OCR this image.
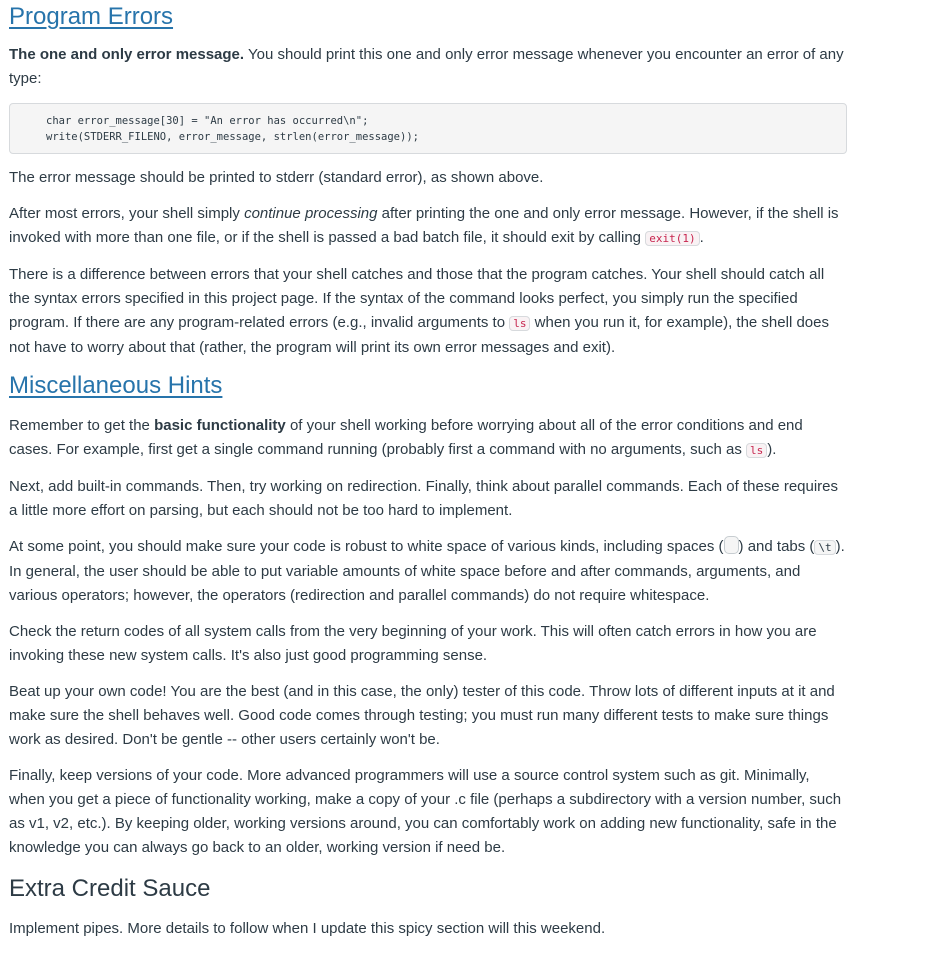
Program Errors

The one and only error message. You should print this one and only error message whenever you encounter an error of any type:

char error_message[30] = "An error has occurred\n";
write(STDERR_FILENO, error_message, strlen(error_message));

The error message should be printed to stderr (standard error), as shown above.

After most errors, your shell simply continue processing after printing the one and only error message. However, if the shell is invoked with more than one file, or if the shell is passed a bad batch file, it should exit by calling exit(1) .

There is a difference between errors that your shell catches and those that the program catches. Your shell should catch all the syntax errors specified in this project page. If the syntax of the command looks perfect, you simply run the specified program. If there are any program-related errors (e.g., invalid arguments to ls when you run it, for example), the shell does not have to worry about that (rather, the program will print its own error messages and exit).

Miscellaneous Hints

Remember to get the basic functionality of your shell working before worrying about all of the error conditions and end cases. For example, first get a single command running (probably first a command with no arguments, such as ls ).

Next, add built-in commands. Then, try working on redirection. Finally, think about parallel commands. Each of these requires a little more effort on parsing, but each should not be too hard to implement.

At some point, you should make sure your code is robust to white space of various kinds, including spaces ( ) and tabs ( \t ). In general, the user should be able to put variable amounts of white space before and after commands, arguments, and various operators; however, the operators (redirection and parallel commands) do not require whitespace.

Check the return codes of all system calls from the very beginning of your work. This will often catch errors in how you are invoking these new system calls. It's also just good programming sense.

Beat up your own code! You are the best (and in this case, the only) tester of this code. Throw lots of different inputs at it and make sure the shell behaves well. Good code comes through testing; you must run many different tests to make sure things work as desired. Don't be gentle -- other users certainly won't be.

Finally, keep versions of your code. More advanced programmers will use a source control system such as git. Minimally, when you get a piece of functionality working, make a copy of your .c file (perhaps a subdirectory with a version number, such as v1, v2, etc.). By keeping older, working versions around, you can comfortably work on adding new functionality, safe in the knowledge you can always go back to an older, working version if need be.

Extra Credit Sauce

Implement pipes. More details to follow when I update this spicy section will this weekend.
